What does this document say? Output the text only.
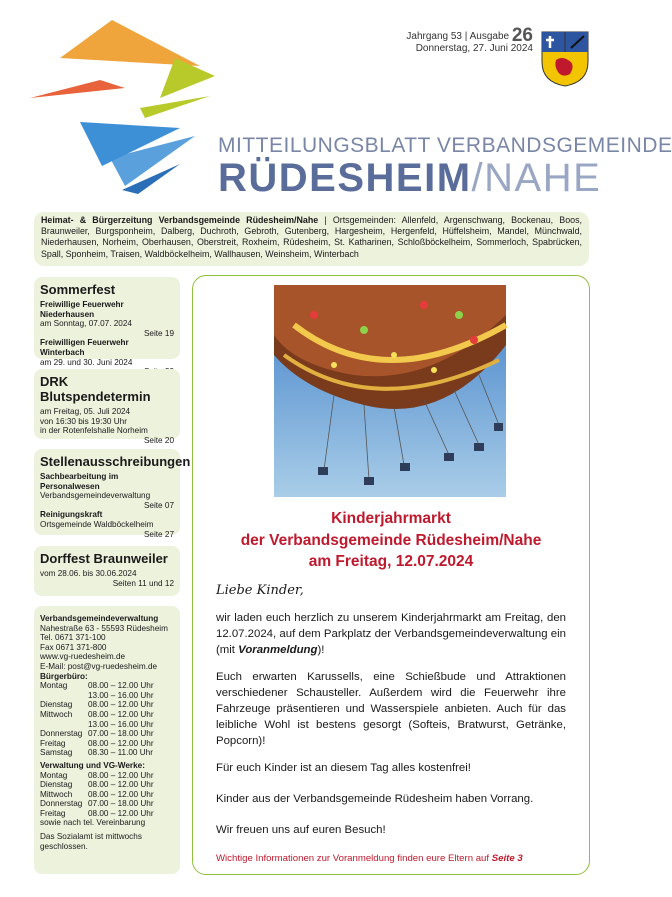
Jahrgang 53 | Ausgabe 26
Donnerstag, 27. Juni 2024
MITTEILUNGSBLATT VERBANDSGEMEINDE
RÜDESHEIM/NAHE
Heimat- & Bürgerzeitung Verbandsgemeinde Rüdesheim/Nahe | Ortsgemeinden: Allenfeld, Argenschwang, Bockenau, Boos, Braunweiler, Burgsponheim, Dalberg, Duchroth, Gebroth, Gutenberg, Hargesheim, Hergenfeld, Hüffelsheim, Mandel, Münchwald, Niederhausen, Norheim, Oberhausen, Oberstreit, Roxheim, Rüdesheim, St. Katharinen, Schloßböckelheim, Sommerloch, Spabrücken, Spall, Sponheim, Traisen, Waldböckelheim, Wallhausen, Weinsheim, Winterbach
Sommerfest
Freiwillige Feuerwehr Niederhausen
am Sonntag, 07.07. 2024
Seite 19
Freiwilligen Feuerwehr Winterbach
am 29. und 30. Juni 2024
DRK Blutspendetermin
am Freitag, 05. Juli 2024
von 16:30 bis 19:30 Uhr
in der Rotenfelshalle Norheim
Seite 20
Stellenausschreibungen
Sachbearbeitung im Personalwesen
Verbandsgemeindeverwaltung
Seite 07
Reinigungskraft
Ortsgemeinde Waldböckelheim
Seite 27
Dorffest Braunweiler
vom 28.06. bis 30.06.2024
Seiten 11 und 12
Verbandsgemeindeverwaltung
Nahestraße 63 - 55593 Rüdesheim
Tel. 0671 371-100
Fax 0671 371-800
www.vg-ruedesheim.de
E-Mail: post@vg-ruedesheim.de
Bürgerbüro:
Montag	08.00 – 12.00 Uhr
13.00 – 16.00 Uhr
Dienstag	08.00 – 12.00 Uhr
Mittwoch	08.00 – 12.00 Uhr
13.00 – 16.00 Uhr
Donnerstag 07.00 – 18.00 Uhr
Freitag	08.00 – 12.00 Uhr
Samstag	08.30 – 11.00 Uhr
Verwaltung und VG-Werke:
Montag	08.00 – 12.00 Uhr
Dienstag	08.00 – 12.00 Uhr
Mittwoch	08.00 – 12.00 Uhr
Donnerstag 07.00 – 18.00 Uhr
Freitag	08.00 – 12.00 Uhr
sowie nach tel. Vereinbarung
Das Sozialamt ist mittwochs geschlossen.
Kinderjahrmarkt
der Verbandsgemeinde Rüdesheim/Nahe
am Freitag, 12.07.2024
Liebe Kinder,
wir laden euch herzlich zu unserem Kinderjahrmarkt am Freitag, den 12.07.2024, auf dem Parkplatz der Verbandsgemeindeverwaltung ein (mit Voranmeldung)!
Euch erwarten Karussells, eine Schießbude und Attraktionen verschiedener Schausteller. Außerdem wird die Feuerwehr ihre Fahrzeuge präsentieren und Wasserspiele anbieten. Auch für das leibliche Wohl ist bestens gesorgt (Softeis, Bratwurst, Getränke, Popcorn)!
Für euch Kinder ist an diesem Tag alles kostenfrei!
Kinder aus der Verbandsgemeinde Rüdesheim haben Vorrang.
Wir freuen uns auf euren Besuch!
Wichtige Informationen zur Voranmeldung finden eure Eltern auf Seite 3
